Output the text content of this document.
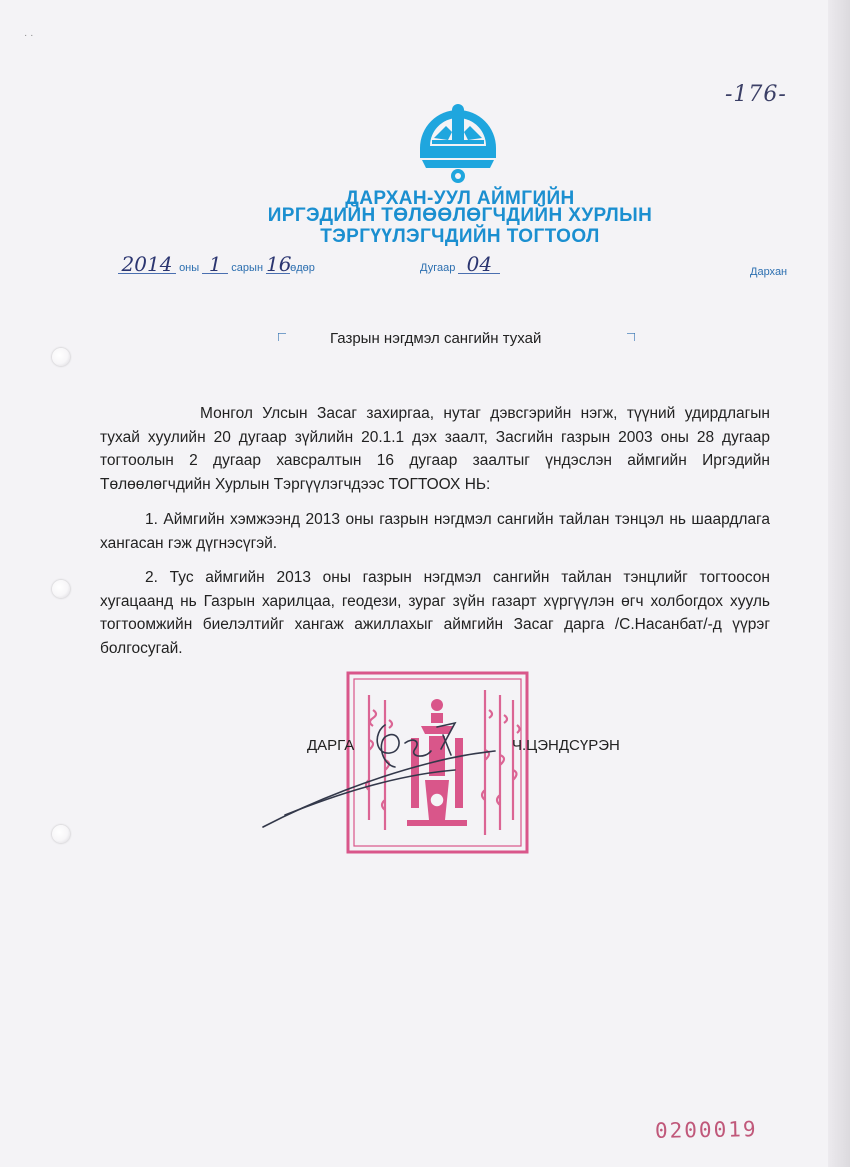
· ·
-176-
ДАРХАН-УУЛ АЙМГИЙН
ИРГЭДИЙН ТӨЛӨӨЛӨГЧДИЙН ХУРЛЫН
ТЭРГҮҮЛЭГЧДИЙН ТОГТООЛ
2014 оны 1 сарын 16өдөр	Дугаар 04	Дархан
Газрын нэгдмэл сангийн тухай

Монгол Улсын Засаг захиргаа, нутаг дэвсгэрийн нэгж, түүний удирдлагын тухай хуулийн 20 дугаар зүйлийн 20.1.1 дэх заалт, Засгийн газрын 2003 оны 28 дугаар тогтоолын 2 дугаар хавсралтын 16 дугаар заалтыг үндэслэн аймгийн Иргэдийн Төлөөлөгчдийн Хурлын Тэргүүлэгчдээс ТОГТООХ НЬ:

1. Аймгийн хэмжээнд 2013 оны газрын нэгдмэл сангийн тайлан тэнцэл нь шаардлага хангасан гэж дүгнэсүгэй.

2. Тус аймгийн 2013 оны газрын нэгдмэл сангийн тайлан тэнцлийг тогтоосон хугацаанд нь Газрын харилцаа, геодези, зураг зүйн газарт хүргүүлэн өгч холбогдох хууль тогтоомжийн биелэлтийг хангаж ажиллахыг аймгийн Засаг дарга /С.Насанбат/-д үүрэг болгосугай.

ДАРГА	Ч.ЦЭНДСҮРЭН
0200019
